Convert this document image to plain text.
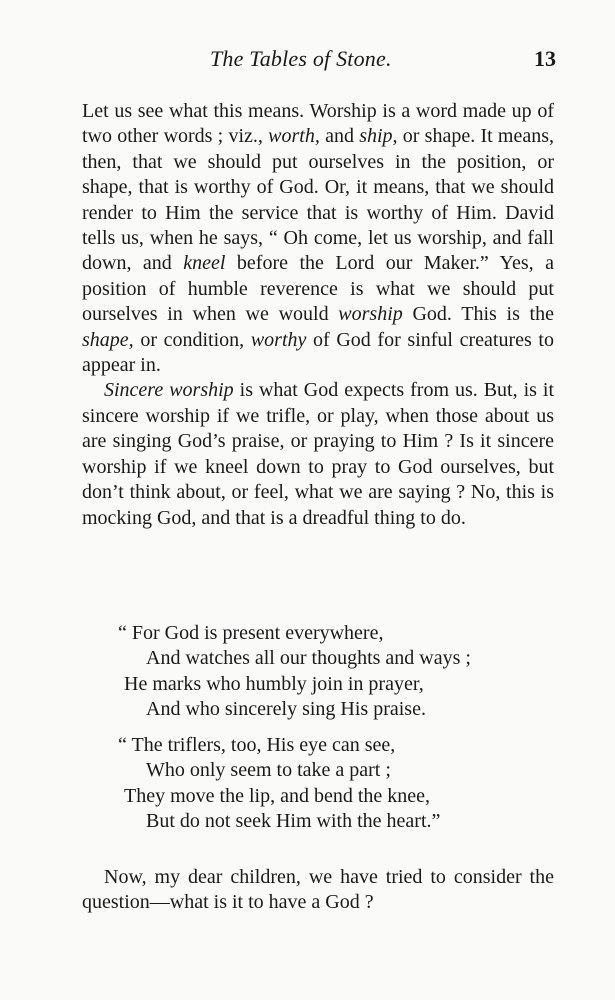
The Tables of Stone.	13

Let us see what this means. Worship is a word made up of two other words ; viz., worth, and ship, or shape. It means, then, that we should put ourselves in the position, or shape, that is worthy of God. Or, it means, that we should render to Him the service that is worthy of Him. David tells us, when he says, “ Oh come, let us worship, and fall down, and kneel before the Lord our Maker.” Yes, a position of humble reverence is what we should put ourselves in when we would worship God. This is the shape, or condition, worthy of God for sinful creatures to appear in.

Sincere worship is what God expects from us. But, is it sincere worship if we trifle, or play, when those about us are singing God’s praise, or praying to Him ? Is it sincere worship if we kneel down to pray to God ourselves, but don’t think about, or feel, what we are saying ? No, this is mocking God, and that is a dreadful thing to do.

“ For God is present everywhere,
And watches all our thoughts and ways ;
He marks who humbly join in prayer,
And who sincerely sing His praise.
“ The triflers, too, His eye can see,
Who only seem to take a part ;
They move the lip, and bend the knee,
But do not seek Him with the heart.”

Now, my dear children, we have tried to consider the question—what is it to have a God ?
